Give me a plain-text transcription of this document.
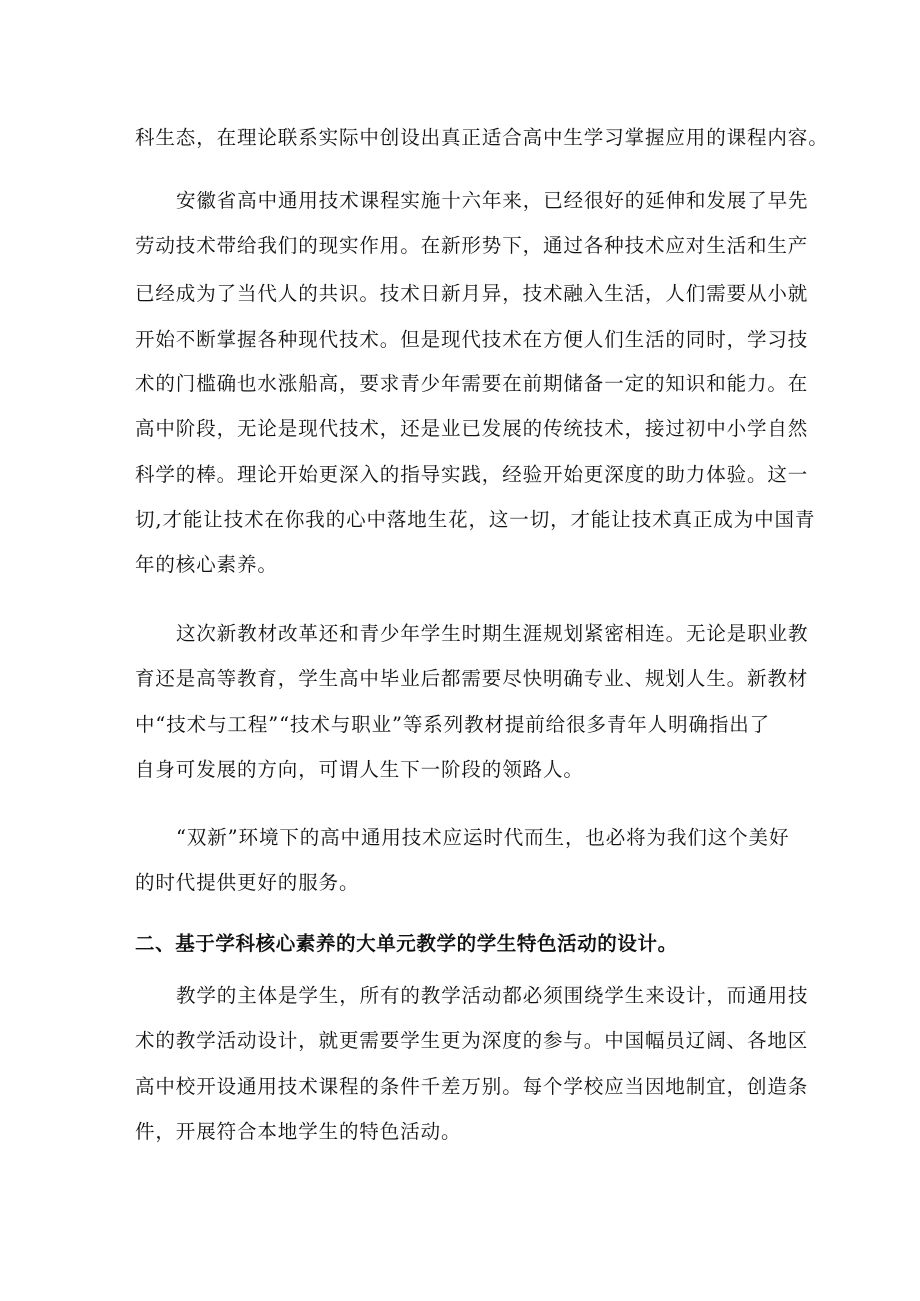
科生态，在理论联系实际中创设出真正适合高中生学习掌握应用的课程内容。
安徽省高中通用技术课程实施十六年来，已经很好的延伸和发展了早先
劳动技术带给我们的现实作用。在新形势下，通过各种技术应对生活和生产
已经成为了当代人的共识。技术日新月异，技术融入生活，人们需要从小就
开始不断掌握各种现代技术。但是现代技术在方便人们生活的同时，学习技
术的门槛确也水涨船高，要求青少年需要在前期储备一定的知识和能力。在
高中阶段，无论是现代技术，还是业已发展的传统技术，接过初中小学自然
科学的棒。理论开始更深入的指导实践，经验开始更深度的助力体验。这一
切,才能让技术在你我的心中落地生花，这一切，才能让技术真正成为中国青
年的核心素养。
这次新教材改革还和青少年学生时期生涯规划紧密相连。无论是职业教
育还是高等教育，学生高中毕业后都需要尽快明确专业、规划人生。新教材
中“技术与工程”“技术与职业”等系列教材提前给很多青年人明确指出了
自身可发展的方向，可谓人生下一阶段的领路人。
“双新”环境下的高中通用技术应运时代而生，也必将为我们这个美好
的时代提供更好的服务。
二、基于学科核心素养的大单元教学的学生特色活动的设计。
教学的主体是学生，所有的教学活动都必须围绕学生来设计，而通用技
术的教学活动设计，就更需要学生更为深度的参与。中国幅员辽阔、各地区
高中校开设通用技术课程的条件千差万别。每个学校应当因地制宜，创造条
件，开展符合本地学生的特色活动。
